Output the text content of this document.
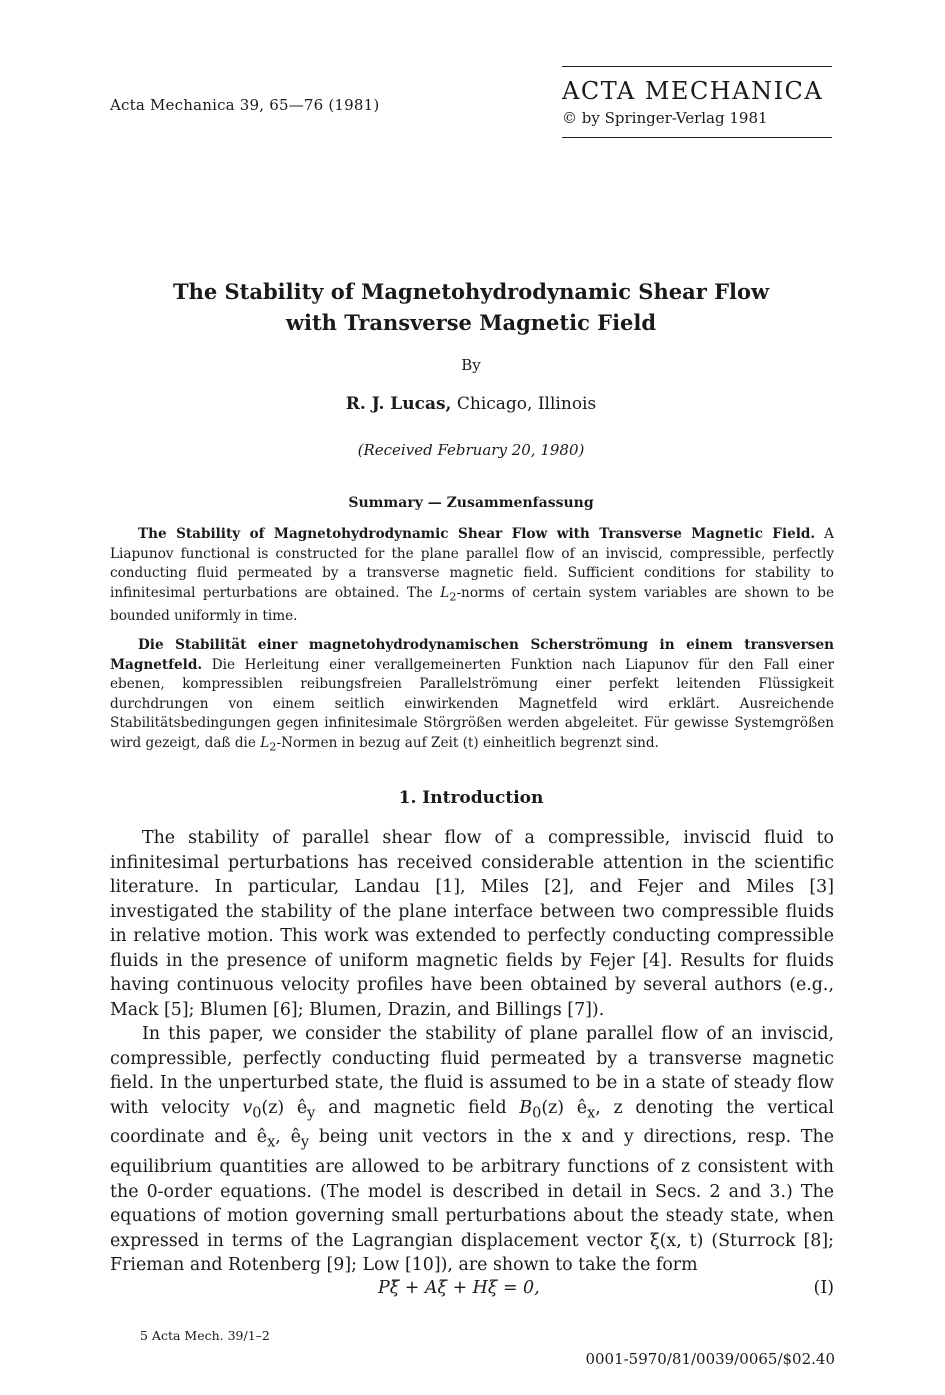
Acta Mechanica 39, 65—76 (1981)	ACTA MECHANICA
© by Springer-Verlag 1981
The Stability of Magnetohydrodynamic Shear Flow
with Transverse Magnetic Field
By
R. J. Lucas, Chicago, Illinois
(Received February 20, 1980)
Summary — Zusammenfassung

The Stability of Magnetohydrodynamic Shear Flow with Transverse Magnetic Field. A Liapunov functional is constructed for the plane parallel flow of an inviscid, compressible, perfectly conducting fluid permeated by a transverse magnetic field. Sufficient conditions for stability to infinitesimal perturbations are obtained. The $L_2$-norms of certain system variables are shown to be bounded uniformly in time.

Die Stabilität einer magnetohydrodynamischen Scherströmung in einem transversen Magnetfeld. Die Herleitung einer verallgemeinerten Funktion nach Liapunov für den Fall einer ebenen, kompressiblen reibungsfreien Parallelströmung einer perfekt leitenden Flüssigkeit durchdrungen von einem seitlich einwirkenden Magnetfeld wird erklärt. Ausreichende Stabilitätsbedingungen gegen infinitesimale Störgrößen werden abgeleitet. Für gewisse Systemgrößen wird gezeigt, daß die $L_2$-Normen in bezug auf Zeit (t) einheitlich begrenzt sind.

1. Introduction

The stability of parallel shear flow of a compressible, inviscid fluid to infinitesimal perturbations has received considerable attention in the scientific literature. In particular, Landau [1], Miles [2], and Fejer and Miles [3] investigated the stability of the plane interface between two compressible fluids in relative motion. This work was extended to perfectly conducting compressible fluids in the presence of uniform magnetic fields by Fejer [4]. Results for fluids having continuous velocity profiles have been obtained by several authors (e.g., Mack [5]; Blumen [6]; Blumen, Drazin, and Billings [7]).

In this paper, we consider the stability of plane parallel flow of an inviscid, compressible, perfectly conducting fluid permeated by a transverse magnetic field. In the unperturbed state, the fluid is assumed to be in a state of steady flow with velocity $v_0(z)$ $ê_y$ and magnetic field $B_0(z)$ $ê_x$, z denoting the vertical coordinate and $ê_x$, $ê_y$ being unit vectors in the x and y directions, resp. The equilibrium quantities are allowed to be arbitrary functions of z consistent with the 0-order equations. (The model is described in detail in Secs. 2 and 3.) The equations of motion governing small perturbations about the steady state, when expressed in terms of the Lagrangian displacement vector ξ(x, t) (Sturrock [8]; Frieman and Rotenberg [9]; Low [10]), are shown to take the form

Pξ̈ + Aξ̇ + Hξ = 0,	(I)
5 Acta Mech. 39/1–2
0001-5970/81/0039/0065/$02.40
